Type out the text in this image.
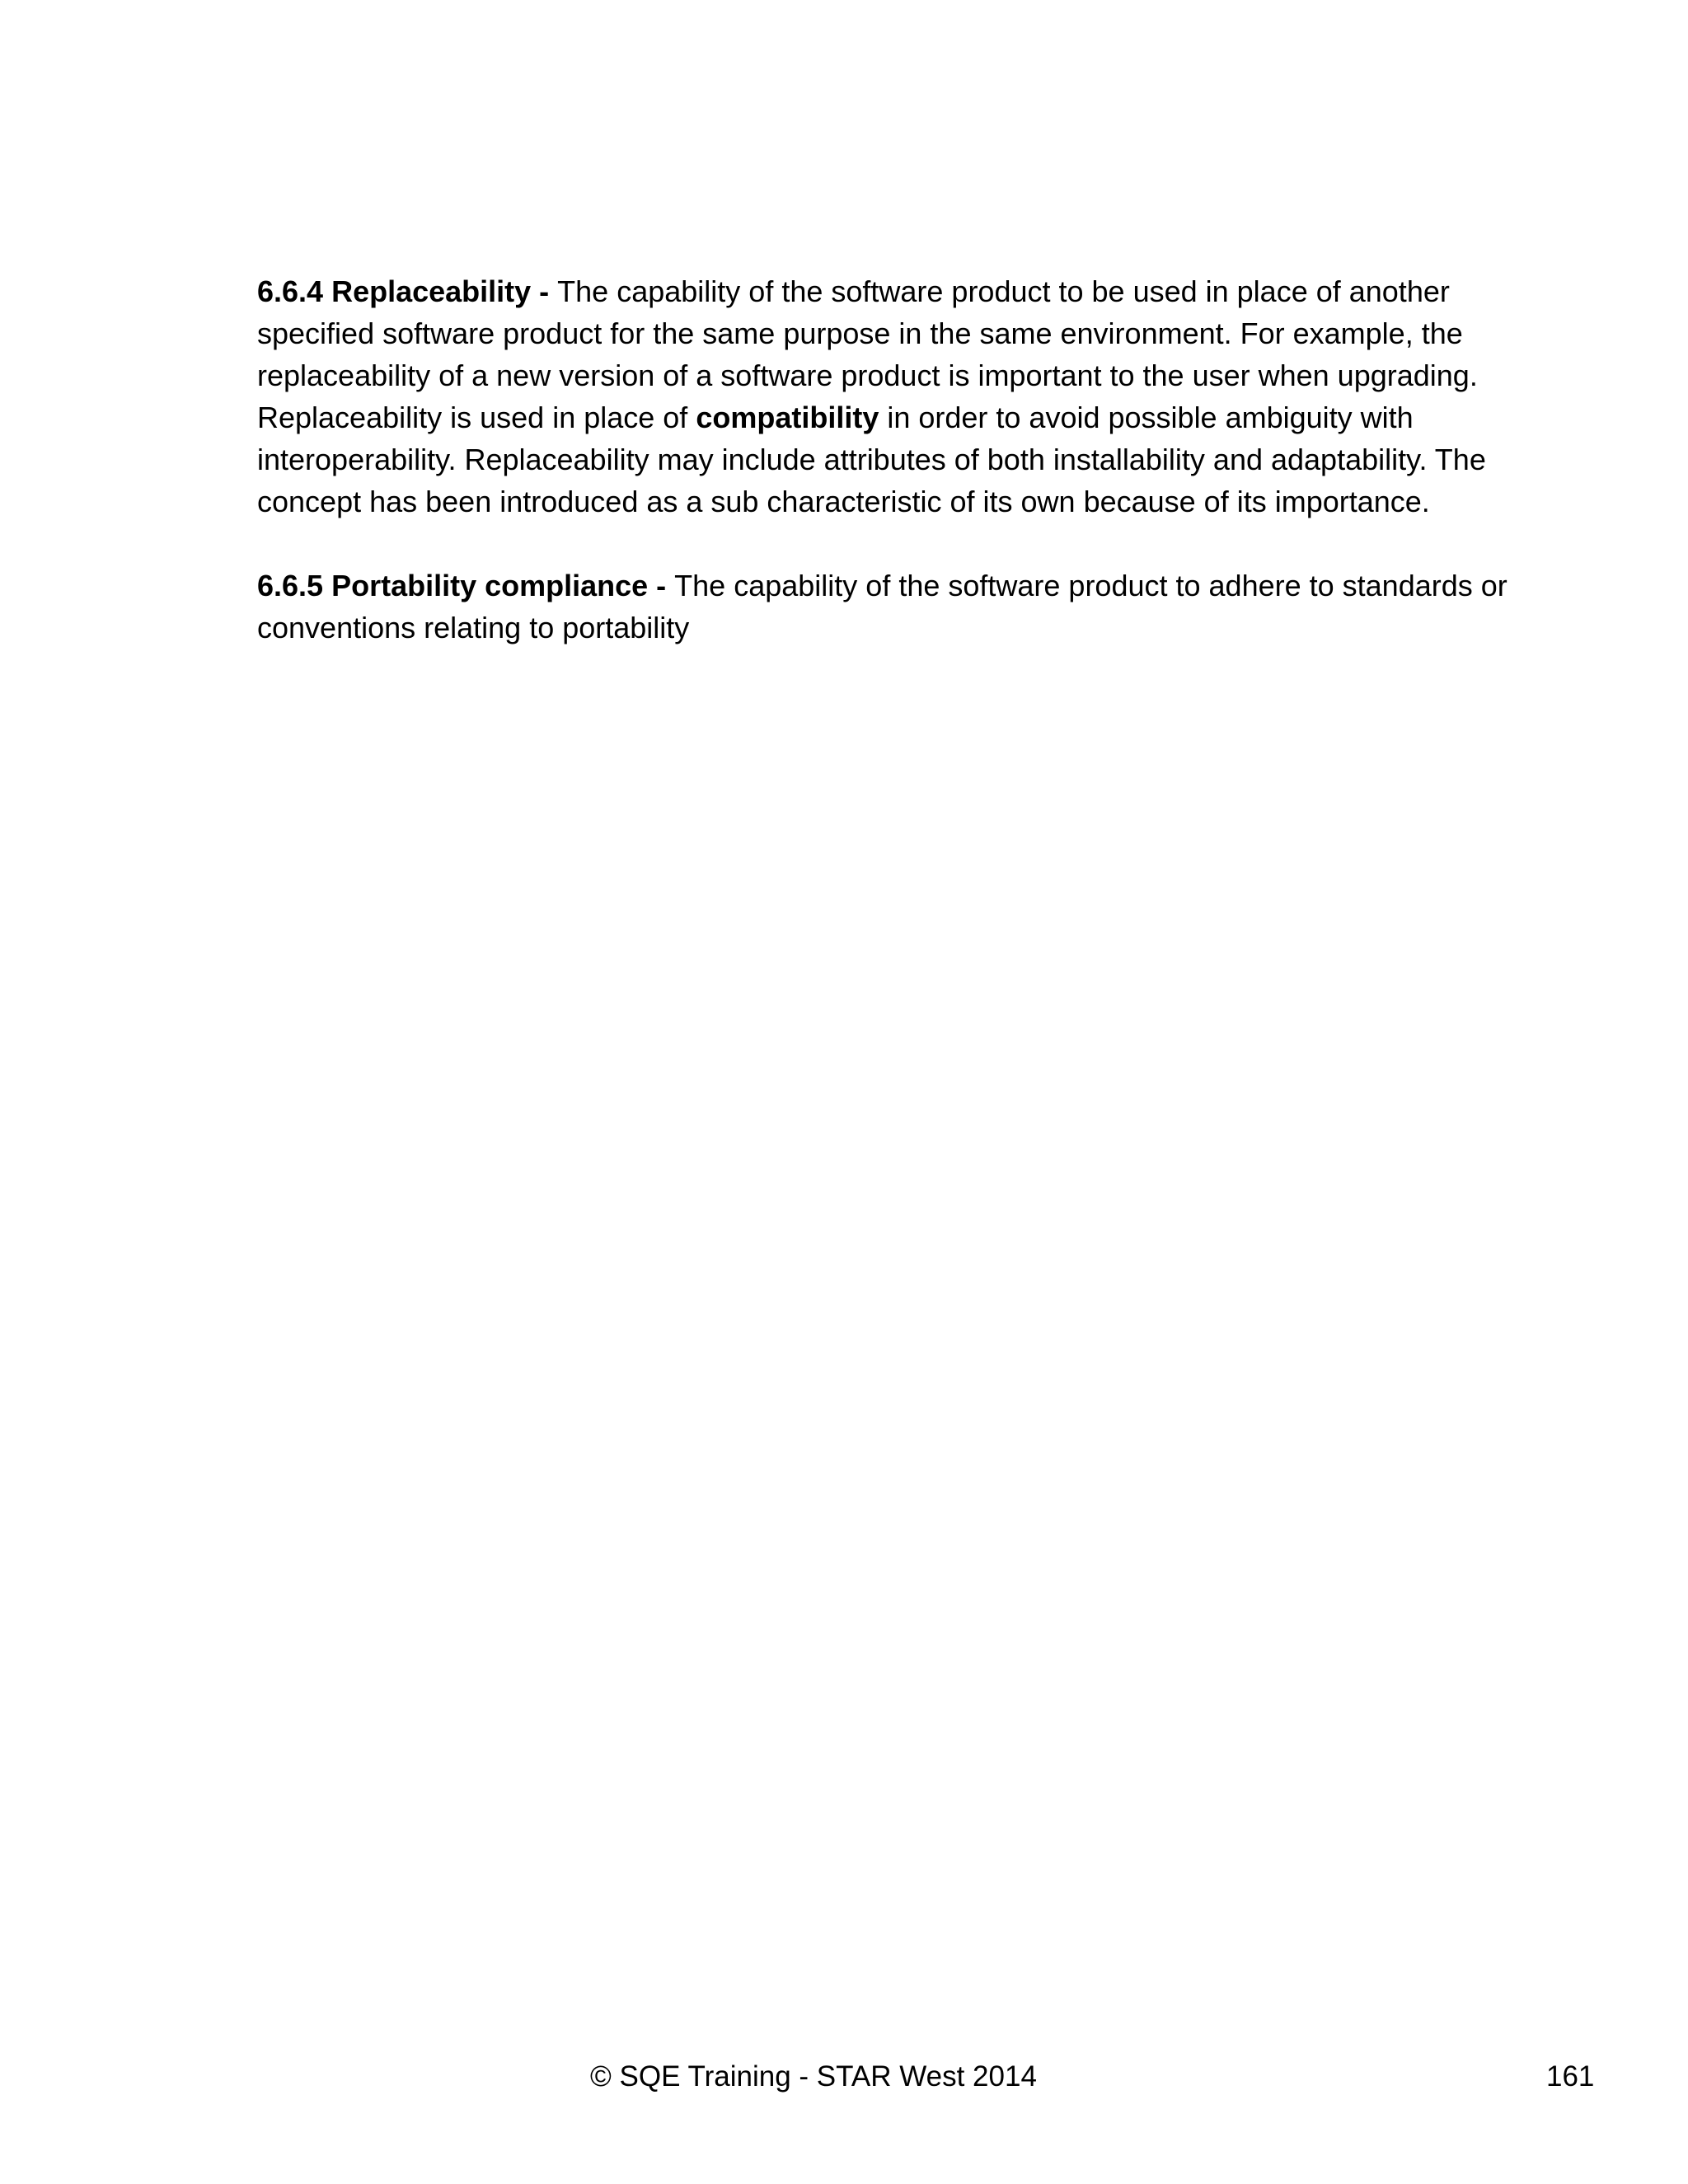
6.6.4 Replaceability - The capability of the software product to be used in place of another specified software product for the same purpose in the same environment. For example, the replaceability of a new version of a software product is important to the user when upgrading. Replaceability is used in place of compatibility in order to avoid possible ambiguity with interoperability. Replaceability may include attributes of both installability and adaptability. The concept has been introduced as a sub characteristic of its own because of its importance.

6.6.5 Portability compliance - The capability of the software product to adhere to standards or conventions relating to portability

© SQE Training - STAR West 2014	161
